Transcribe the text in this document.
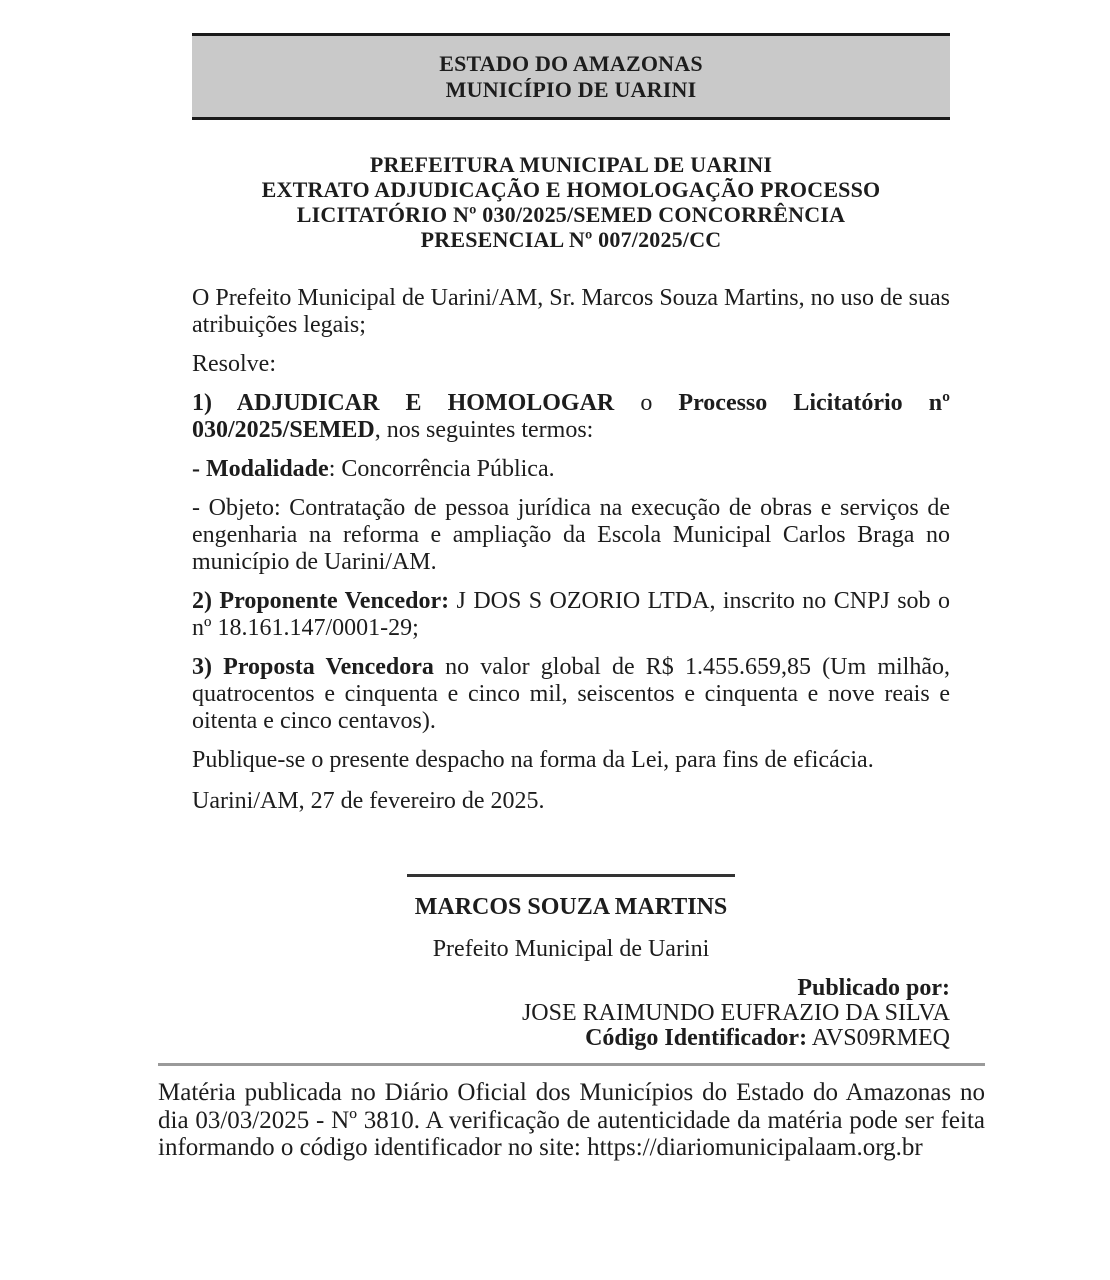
ESTADO DO AMAZONAS
MUNICÍPIO DE UARINI
PREFEITURA MUNICIPAL DE UARINI
EXTRATO ADJUDICAÇÃO E HOMOLOGAÇÃO PROCESSO
LICITATÓRIO Nº 030/2025/SEMED CONCORRÊNCIA
PRESENCIAL Nº 007/2025/CC

O Prefeito Municipal de Uarini/AM, Sr. Marcos Souza Martins, no uso de suas atribuições legais;

Resolve:

1) ADJUDICAR E HOMOLOGAR o Processo Licitatório nº 030/2025/SEMED, nos seguintes termos:

- Modalidade: Concorrência Pública.

- Objeto: Contratação de pessoa jurídica na execução de obras e serviços de engenharia na reforma e ampliação da Escola Municipal Carlos Braga no município de Uarini/AM.

2) Proponente Vencedor: J DOS S OZORIO LTDA, inscrito no CNPJ sob o nº 18.161.147/0001-29;

3) Proposta Vencedora no valor global de R$ 1.455.659,85 (Um milhão, quatrocentos e cinquenta e cinco mil, seiscentos e cinquenta e nove reais e oitenta e cinco centavos).

Publique-se o presente despacho na forma da Lei, para fins de eficácia.

Uarini/AM, 27 de fevereiro de 2025.

MARCOS SOUZA MARTINS
Prefeito Municipal de Uarini
Publicado por:
JOSE RAIMUNDO EUFRAZIO DA SILVA
Código Identificador: AVS09RMEQ

Matéria publicada no Diário Oficial dos Municípios do Estado do Amazonas no dia 03/03/2025 - Nº 3810. A verificação de autenticidade da matéria pode ser feita informando o código identificador no site: https://diariomunicipalaam.org.br
